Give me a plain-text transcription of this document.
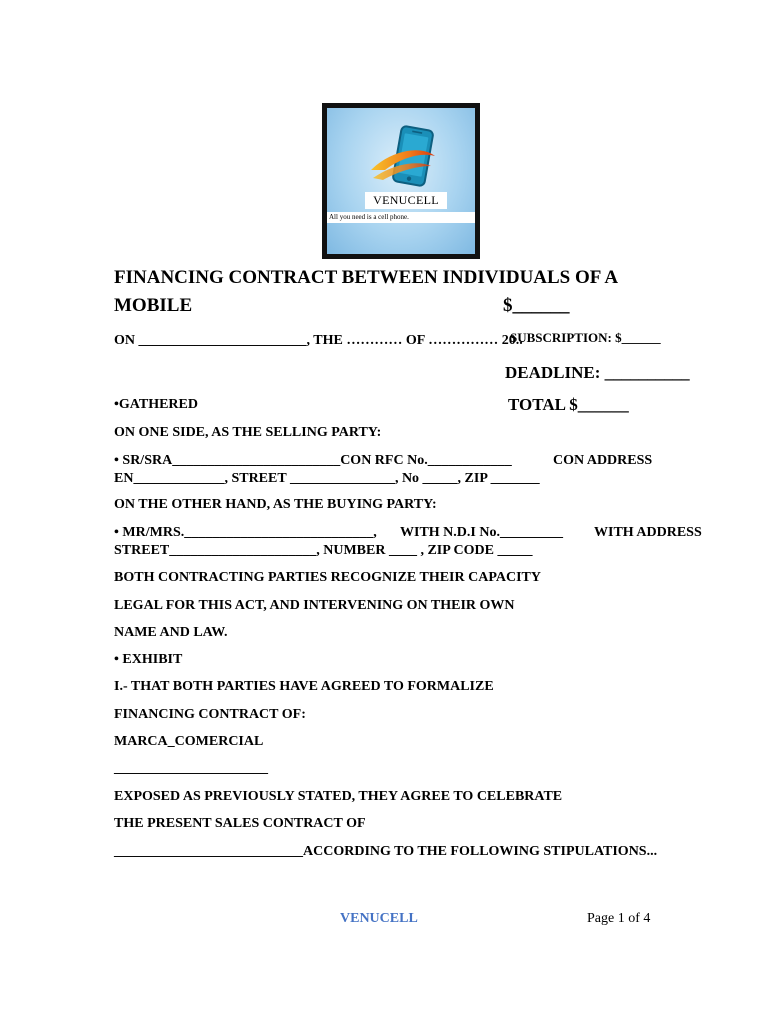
VENUCELL
All you need is a cell phone.
FINANCING CONTRACT BETWEEN INDIVIDUALS OF A
MOBILE	$______
ON ________________________, THE ………… OF …………… 20..
SUBSCRIPTION: $______
DEADLINE: __________
•GATHERED	TOTAL $______
ON ONE SIDE, AS THE SELLING PARTY:
• SR/SRA________________________CON RFC No.____________	CON ADDRESS
EN_____________, STREET _______________, No _____, ZIP _______
ON THE OTHER HAND, AS THE BUYING PARTY:
• MR/MRS.___________________________, WITH N.D.I No._________ WITH ADDRESS
STREET_____________________, NUMBER ____ , ZIP CODE _____
BOTH CONTRACTING PARTIES RECOGNIZE THEIR CAPACITY
LEGAL FOR THIS ACT, AND INTERVENING ON THEIR OWN
NAME AND LAW.
• EXHIBIT
I.- THAT BOTH PARTIES HAVE AGREED TO FORMALIZE
FINANCING CONTRACT OF:
MARCA_COMERCIAL
______________________
EXPOSED AS PREVIOUSLY STATED, THEY AGREE TO CELEBRATE
THE PRESENT SALES CONTRACT OF
___________________________ACCORDING TO THE FOLLOWING STIPULATIONS...
VENUCELL	Page 1 of 4
